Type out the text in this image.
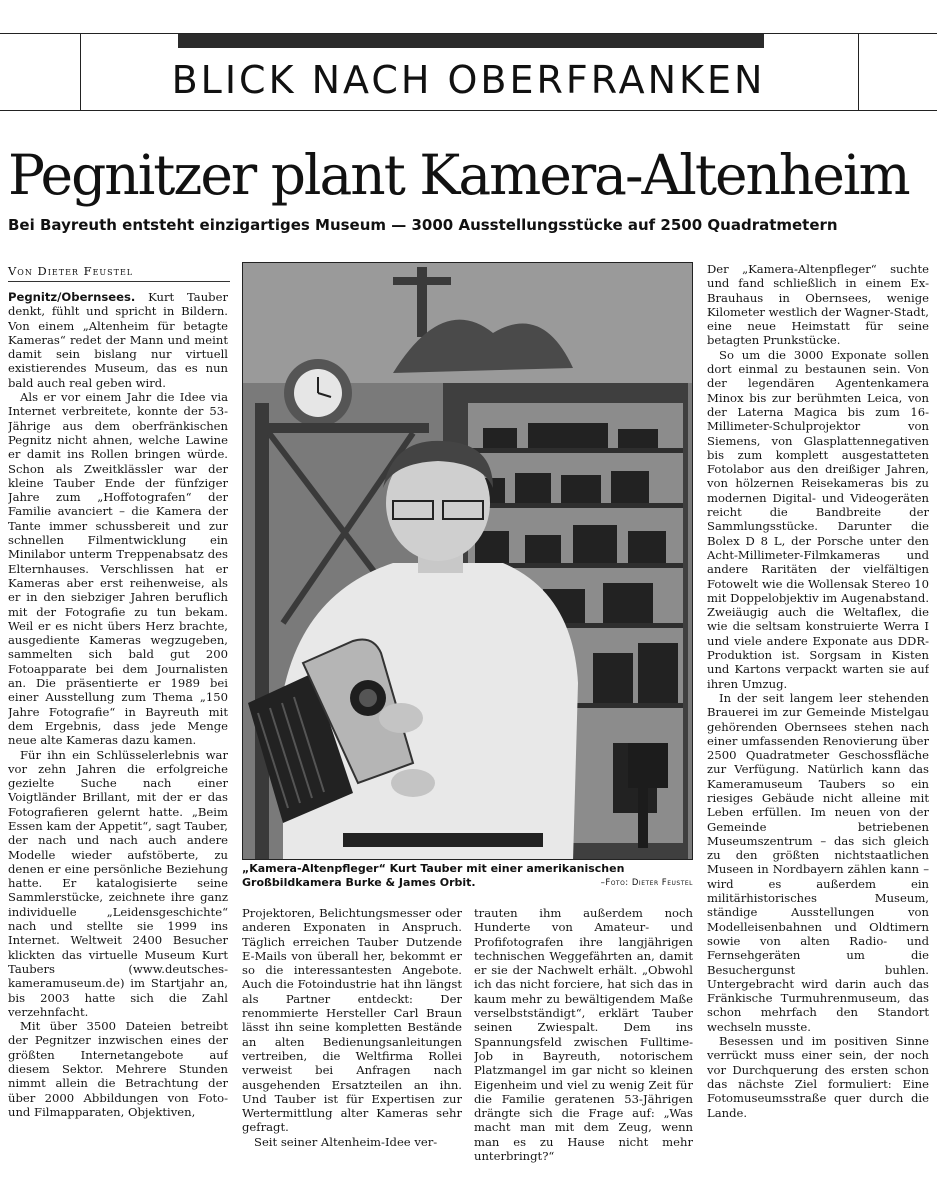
BLICK NACH OBERFRANKEN
Pegnitzer plant Kamera-Altenheim
Bei Bayreuth entsteht einzigartiges Museum — 3000 Ausstellungsstücke auf 2500 Quadratmetern
Von Dieter Feustel

Pegnitz/Obernsees. Kurt Tauber denkt, fühlt und spricht in Bildern. Von einem „Altenheim für betagte Kameras“ redet der Mann und meint damit sein bislang nur virtuell existierendes Museum, das es nun bald auch real geben wird.

Als er vor einem Jahr die Idee via Internet verbreitete, konnte der 53-Jährige aus dem oberfränkischen Pegnitz nicht ahnen, welche Lawine er damit ins Rollen bringen würde. Schon als Zweitklässler war der kleine Tauber Ende der fünfziger Jahre zum „Hoffotografen“ der Familie avanciert – die Kamera der Tante immer schussbereit und zur schnellen Filmentwicklung ein Minilabor unterm Treppenabsatz des Elternhauses. Verschlissen hat er Kameras aber erst reihenweise, als er in den siebziger Jahren beruflich mit der Fotografie zu tun bekam. Weil er es nicht übers Herz brachte, ausgediente Kameras wegzugeben, sammelten sich bald gut 200 Fotoapparate bei dem Journalisten an. Die präsentierte er 1989 bei einer Ausstellung zum Thema „150 Jahre Fotografie“ in Bayreuth mit dem Ergebnis, dass jede Menge neue alte Kameras dazu kamen.

Für ihn ein Schlüsselerlebnis war vor zehn Jahren die erfolgreiche gezielte Suche nach einer Voigtländer Brillant, mit der er das Fotografieren gelernt hatte. „Beim Essen kam der Appetit“, sagt Tauber, der nach und nach auch andere Modelle wieder aufstöberte, zu denen er eine persönliche Beziehung hatte. Er katalogisierte seine Sammlerstücke, zeichnete ihre ganz individuelle „Leidensgeschichte“ nach und stellte sie 1999 ins Internet. Weltweit 2400 Besucher klickten das virtuelle Museum Kurt Taubers (www.deutsches-kameramuseum.de) im Startjahr an, bis 2003 hatte sich die Zahl verzehnfacht.

Mit über 3500 Dateien betreibt der Pegnitzer inzwischen eines der größten Internetangebote auf diesem Sektor. Mehrere Stunden nimmt allein die Betrachtung der über 2000 Abbildungen von Foto- und Filmapparaten, Objektiven,

„Kamera-Altenpfleger“ Kurt Tauber mit einer amerikanischen Großbildkamera Burke & James Orbit.	–Foto: Dieter Feustel

Projektoren, Belichtungsmesser oder anderen Exponaten in Anspruch. Täglich erreichen Tauber Dutzende E-Mails von überall her, bekommt er so die interessantesten Angebote. Auch die Fotoindustrie hat ihn längst als Partner entdeckt: Der renommierte Hersteller Carl Braun lässt ihn seine kompletten Bestände an alten Bedienungsanleitungen vertreiben, die Weltfirma Rollei verweist bei Anfragen nach ausgehenden Ersatzteilen an ihn. Und Tauber ist für Expertisen zur Wertermittlung alter Kameras sehr gefragt.

Seit seiner Altenheim-Idee ver-

trauten ihm außerdem noch Hunderte von Amateur- und Profifotografen ihre langjährigen technischen Weggefährten an, damit er sie der Nachwelt erhält. „Obwohl ich das nicht forciere, hat sich das in kaum mehr zu bewältigendem Maße verselbstständigt“, erklärt Tauber seinen Zwiespalt. Dem ins Spannungsfeld zwischen Fulltime-Job in Bayreuth, notorischem Platzmangel im gar nicht so kleinen Eigenheim und viel zu wenig Zeit für die Familie geratenen 53-Jährigen drängte sich die Frage auf: „Was macht man mit dem Zeug, wenn man es zu Hause nicht mehr unterbringt?“

Der „Kamera-Altenpfleger“ suchte und fand schließlich in einem Ex-Brauhaus in Obernsees, wenige Kilometer westlich der Wagner-Stadt, eine neue Heimstatt für seine betagten Prunkstücke.

So um die 3000 Exponate sollen dort einmal zu bestaunen sein. Von der legendären Agentenkamera Minox bis zur berühmten Leica, von der Laterna Magica bis zum 16-Millimeter-Schulprojektor von Siemens, von Glasplattennegativen bis zum komplett ausgestatteten Fotolabor aus den dreißiger Jahren, von hölzernen Reisekameras bis zu modernen Digital- und Videogeräten reicht die Bandbreite der Sammlungsstücke. Darunter die Bolex D 8 L, der Porsche unter den Acht-Millimeter-Filmkameras und andere Raritäten der vielfältigen Fotowelt wie die Wollensak Stereo 10 mit Doppelobjektiv im Augenabstand. Zweiäugig auch die Weltaflex, die wie die seltsam konstruierte Werra I und viele andere Exponate aus DDR-Produktion ist. Sorgsam in Kisten und Kartons verpackt warten sie auf ihren Umzug.

In der seit langem leer stehenden Brauerei im zur Gemeinde Mistelgau gehörenden Obernsees stehen nach einer umfassenden Renovierung über 2500 Quadratmeter Geschossfläche zur Verfügung. Natürlich kann das Kameramuseum Taubers so ein riesiges Gebäude nicht alleine mit Leben erfüllen. Im neuen von der Gemeinde betriebenen Museumszentrum – das sich gleich zu den größten nichtstaatlichen Museen in Nordbayern zählen kann – wird es außerdem ein militärhistorisches Museum, ständige Ausstellungen von Modelleisenbahnen und Oldtimern sowie von alten Radio- und Fernsehgeräten um die Besuchergunst buhlen. Untergebracht wird darin auch das Fränkische Turmuhrenmuseum, das schon mehrfach den Standort wechseln musste.

Besessen und im positiven Sinne verrückt muss einer sein, der noch vor Durchquerung des ersten schon das nächste Ziel formuliert: Eine Fotomuseumsstraße quer durch die Lande.
